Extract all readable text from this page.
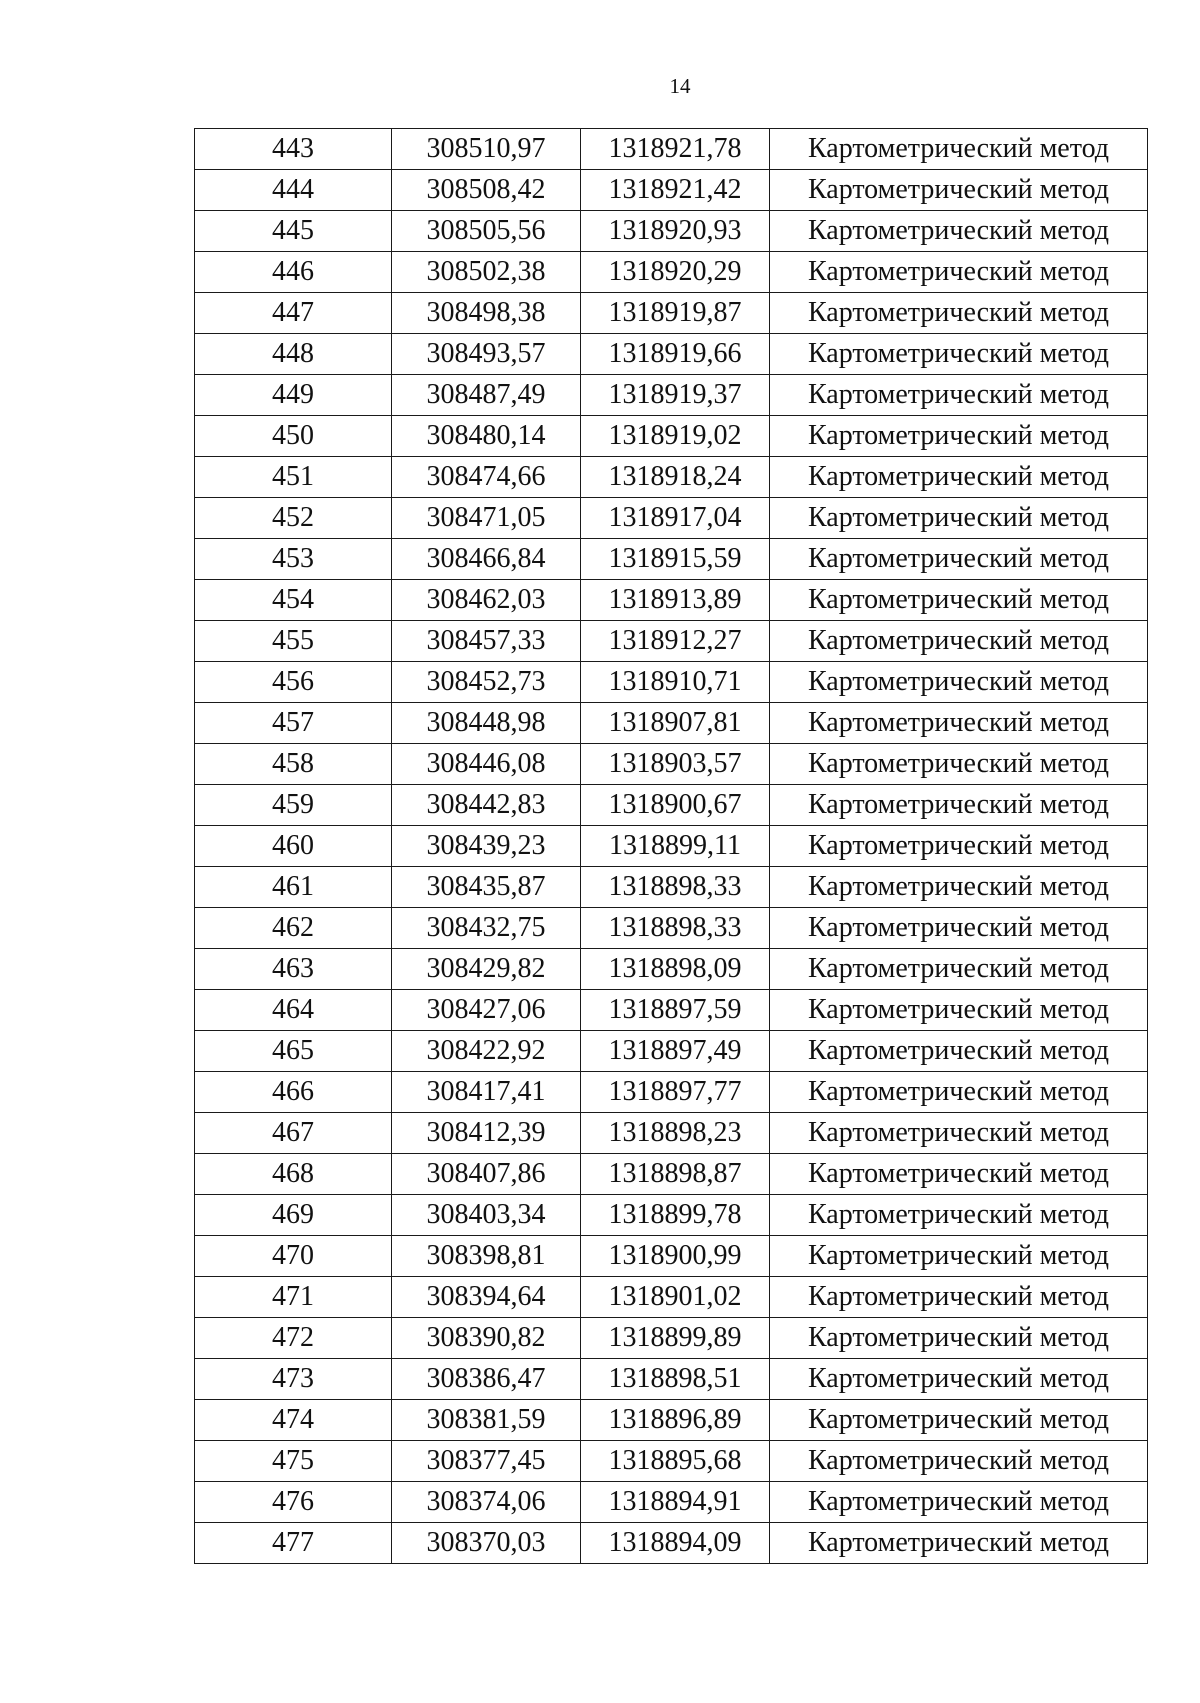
14
443	308510,97	1318921,78	Картометрический метод
444	308508,42	1318921,42	Картометрический метод
445	308505,56	1318920,93	Картометрический метод
446	308502,38	1318920,29	Картометрический метод
447	308498,38	1318919,87	Картометрический метод
448	308493,57	1318919,66	Картометрический метод
449	308487,49	1318919,37	Картометрический метод
450	308480,14	1318919,02	Картометрический метод
451	308474,66	1318918,24	Картометрический метод
452	308471,05	1318917,04	Картометрический метод
453	308466,84	1318915,59	Картометрический метод
454	308462,03	1318913,89	Картометрический метод
455	308457,33	1318912,27	Картометрический метод
456	308452,73	1318910,71	Картометрический метод
457	308448,98	1318907,81	Картометрический метод
458	308446,08	1318903,57	Картометрический метод
459	308442,83	1318900,67	Картометрический метод
460	308439,23	1318899,11	Картометрический метод
461	308435,87	1318898,33	Картометрический метод
462	308432,75	1318898,33	Картометрический метод
463	308429,82	1318898,09	Картометрический метод
464	308427,06	1318897,59	Картометрический метод
465	308422,92	1318897,49	Картометрический метод
466	308417,41	1318897,77	Картометрический метод
467	308412,39	1318898,23	Картометрический метод
468	308407,86	1318898,87	Картометрический метод
469	308403,34	1318899,78	Картометрический метод
470	308398,81	1318900,99	Картометрический метод
471	308394,64	1318901,02	Картометрический метод
472	308390,82	1318899,89	Картометрический метод
473	308386,47	1318898,51	Картометрический метод
474	308381,59	1318896,89	Картометрический метод
475	308377,45	1318895,68	Картометрический метод
476	308374,06	1318894,91	Картометрический метод
477	308370,03	1318894,09	Картометрический метод
